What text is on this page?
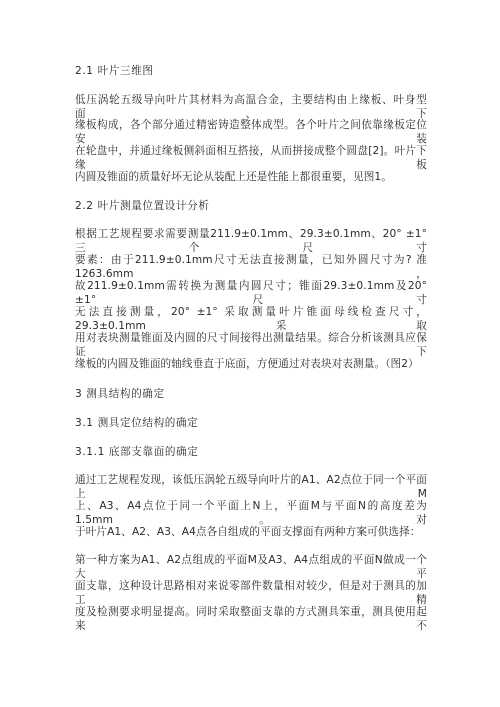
2.1 叶片三维图
低压涡轮五级导向叶片其材料为高温合金，主要结构由上缘板、叶身型面、下
缘板构成，各个部分通过精密铸造整体成型。各个叶片之间依靠缘板定位安装
在轮盘中，并通过缘板侧斜面相互搭接，从而拼接成整个圆盘[2]。叶片下缘板
内圆及锥面的质量好坏无论从装配上还是性能上都很重要，见图1。
2.2 叶片测量位置设计分析
根据工艺规程要求需要测量211.9±0.1mm、29.3±0.1mm、20° ±1° 三个尺寸
要素：由于211.9±0.1mm尺寸无法直接测量，已知外圆尺寸为? 准1263.6mm，
故211.9±0.1mm需转换为测量内圆尺寸；锥面29.3±0.1mm及20° ±1° 尺寸
无法直接测量，20° ±1° 采取测量叶片锥面母线检查尺寸，29.3±0.1mm采取
用对表块测量锥面及内圆的尺寸间接得出测量结果。综合分析该测具应保证下
缘板的内圆及锥面的轴线垂直于底面，方便通过对表块对表测量。（图2）
3 测具结构的确定
3.1 测具定位结构的确定
3.1.1 底部支靠面的确定
通过工艺规程发现，该低压涡轮五级导向叶片的A1、A2点位于同一个平面上M
上、A3、A4点位于同一个平面上N上，平面M与平面N的高度差为1.5mm。对
于叶片A1、A2、A3、A4点各自组成的平面支撑面有两种方案可供选择：
第一种方案为A1、A2点组成的平面M及A3、A4点组成的平面N做成一个大平
面支靠，这种设计思路相对来说零部件数量相对较少，但是对于测具的加工精
度及检测要求明显提高。同时采取整面支靠的方式测具笨重，测具使用起来不
